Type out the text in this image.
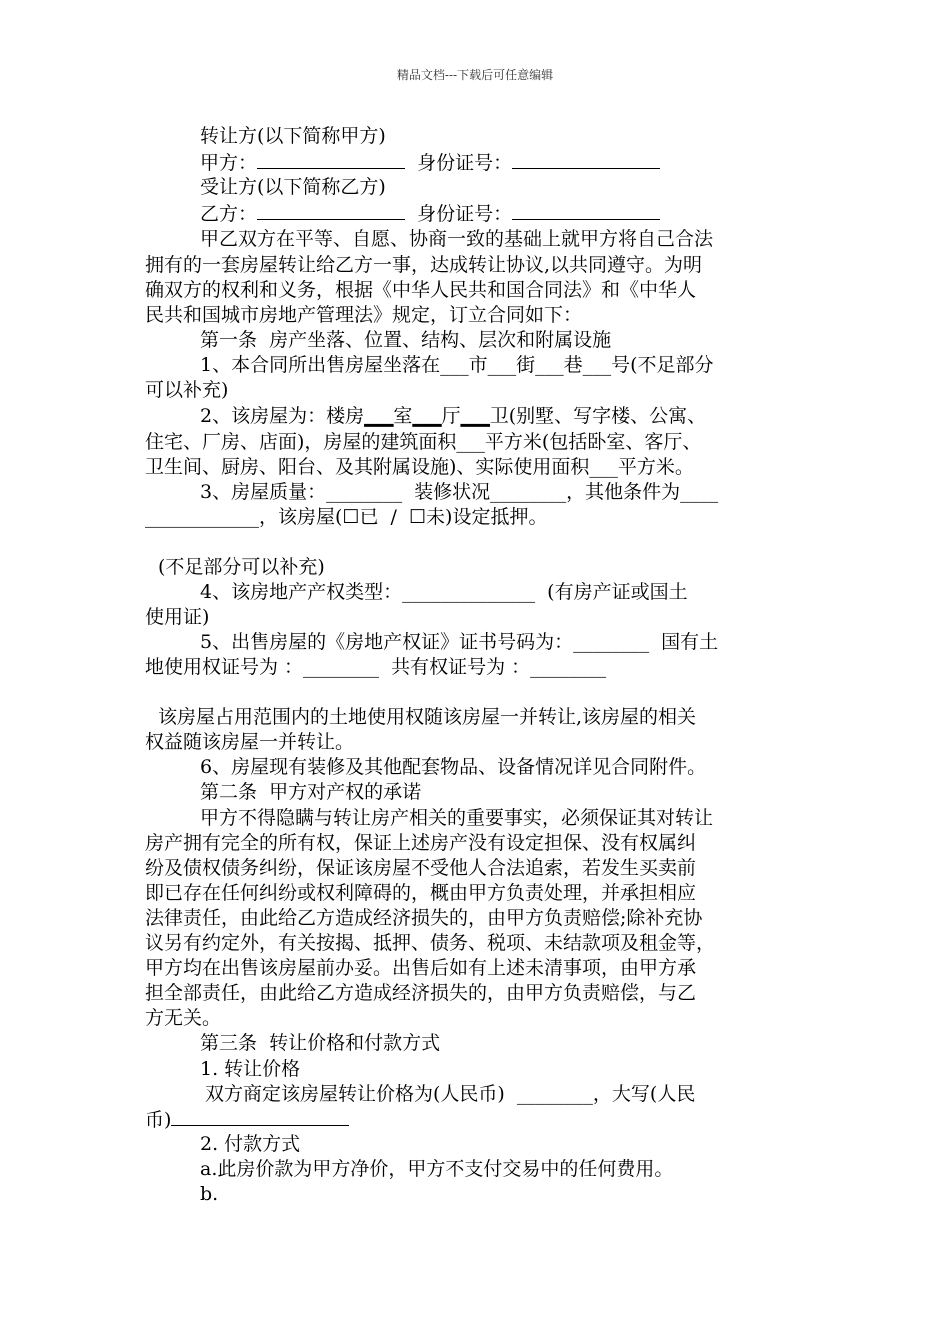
精品文档---下载后可任意编辑
转让方(以下简称甲方)
甲方：	身份证号：
受让方(以下简称乙方)
乙方：	身份证号：
甲乙双方在平等、自愿、协商一致的基础上就甲方将自己合法
拥有的一套房屋转让给乙方一事，达成转让协议,以共同遵守。为明
确双方的权利和义务，根据《中华人民共和国合同法》和《中华人
民共和国城市房地产管理法》规定，订立合同如下：
第一条  房产坐落、位置、结构、层次和附属设施
1、本合同所出售房屋坐落在___市___街___巷___号(不足部分
可以补充)
2、该房屋为：楼房▁▁室▁▁厅▁▁卫(别墅、写字楼、公寓、
住宅、厂房、店面)，房屋的建筑面积___平方米(包括卧室、客厅、
卫生间、厨房、阳台、及其附属设施)、实际使用面积___平方米。
3、房屋质量：________  装修状况________，其他条件为____
____________，该房屋(☐已  /  ☐未)设定抵押。
(不足部分可以补充)
4、该房地产产权类型：______________  (有房产证或国土
使用证)
5、出售房屋的《房地产权证》证书号码为：________  国有土
地使用权证号为 ：________  共有权证号为 ：________
该房屋占用范围内的土地使用权随该房屋一并转让,该房屋的相关
权益随该房屋一并转让。
6、房屋现有装修及其他配套物品、设备情况详见合同附件。
第二条  甲方对产权的承诺
甲方不得隐瞒与转让房产相关的重要事实，必须保证其对转让
房产拥有完全的所有权，保证上述房产没有设定担保、没有权属纠
纷及债权债务纠纷，保证该房屋不受他人合法追索，若发生买卖前
即已存在任何纠纷或权利障碍的，概由甲方负责处理，并承担相应
法律责任，由此给乙方造成经济损失的，由甲方负责赔偿;除补充协
议另有约定外，有关按揭、抵押、债务、税项、未结款项及租金等，
甲方均在出售该房屋前办妥。出售后如有上述未清事项，由甲方承
担全部责任，由此给乙方造成经济损失的，由甲方负责赔偿，与乙
方无关。
第三条  转让价格和付款方式
1. 转让价格
双方商定该房屋转让价格为(人民币)  ________，大写(人民
币)
2. 付款方式
a.此房价款为甲方净价，甲方不支付交易中的任何费用。
b.
